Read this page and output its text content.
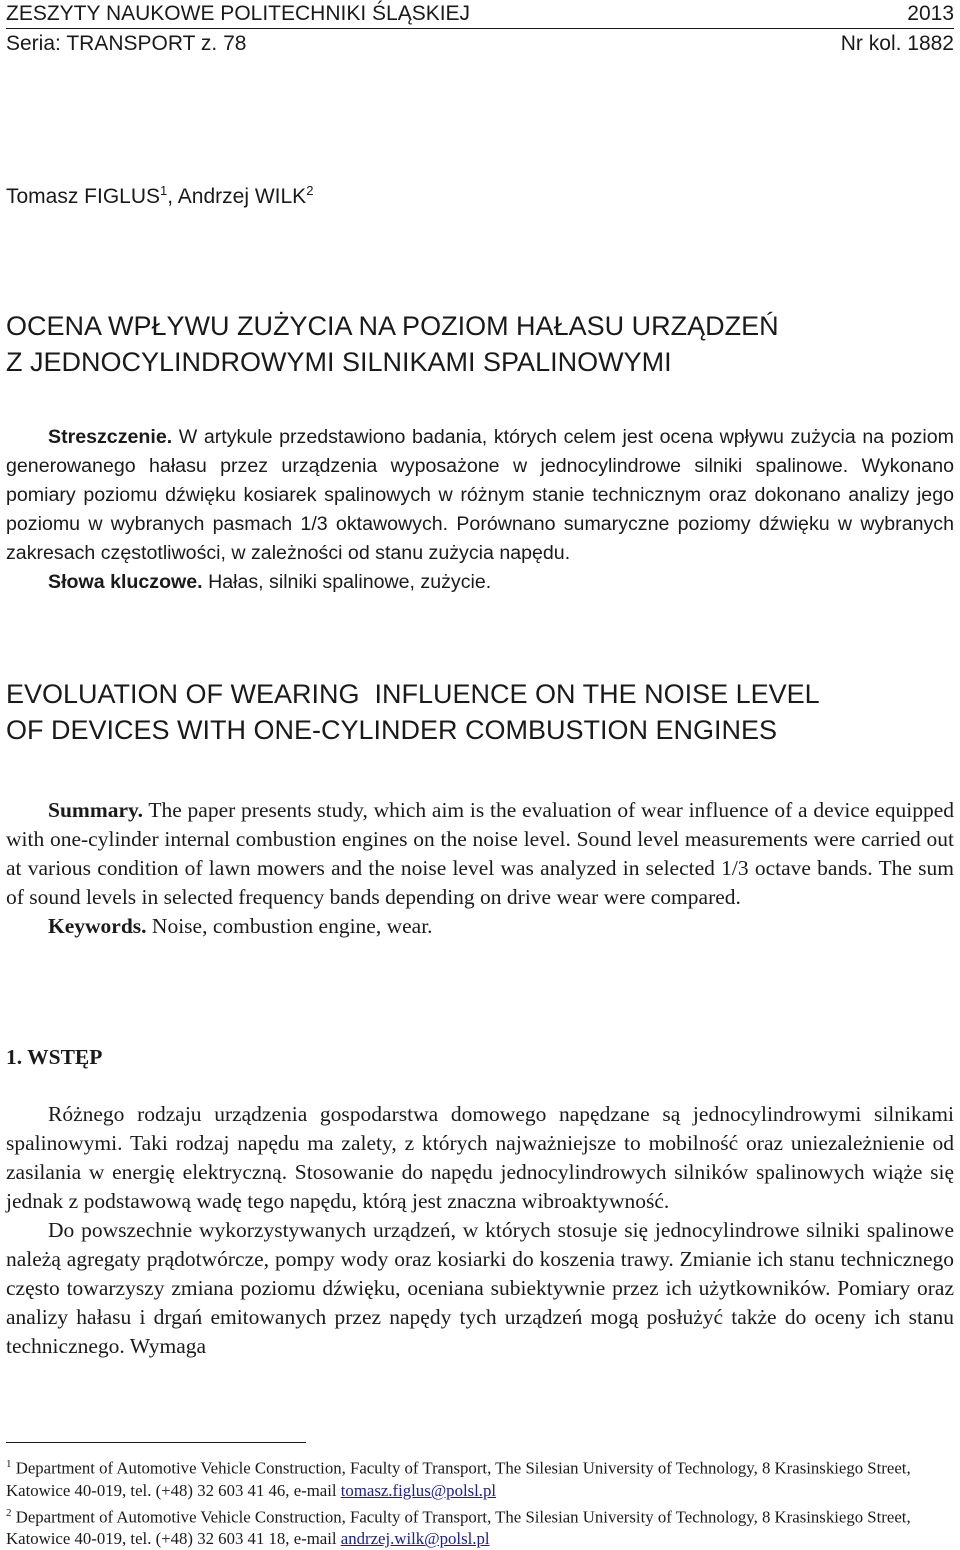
ZESZYTY NAUKOWE POLITECHNIKI ŚLĄSKIEJ	2013
Seria: TRANSPORT z. 78	Nr kol. 1882
Tomasz FIGLUS$^1$, Andrzej WILK$^2$
OCENA WPŁYWU ZUŻYCIA NA POZIOM HAŁASU URZĄDZEŃ
Z JEDNOCYLINDROWYMI SILNIKAMI SPALINOWYMI
Streszczenie. W artykule przedstawiono badania, których celem jest ocena wpływu zużycia na poziom generowanego hałasu przez urządzenia wyposażone w jednocylindrowe silniki spalinowe. Wykonano pomiary poziomu dźwięku kosiarek spalinowych w różnym stanie technicznym oraz dokonano analizy jego poziomu w wybranych pasmach 1/3 oktawowych. Porównano sumaryczne poziomy dźwięku w wybranych zakresach częstotliwości, w zależności od stanu zużycia napędu.
Słowa kluczowe. Hałas, silniki spalinowe, zużycie.
EVOLUATION OF WEARING  INFLUENCE ON THE NOISE LEVEL
OF DEVICES WITH ONE-CYLINDER COMBUSTION ENGINES

Summary. The paper presents study, which aim is the evaluation of wear influence of a device equipped with one-cylinder internal combustion engines on the noise level. Sound level measurements were carried out at various condition of lawn mowers and the noise level was analyzed in selected 1/3 octave bands. The sum of sound levels in selected frequency bands depending on drive wear were compared.

Keywords. Noise, combustion engine, wear.

1. WSTĘP

Różnego rodzaju urządzenia gospodarstwa domowego napędzane są jednocylindrowymi silnikami spalinowymi. Taki rodzaj napędu ma zalety, z których najważniejsze to mobilność oraz uniezależnienie od zasilania w energię elektryczną. Stosowanie do napędu jednocylindrowych silników spalinowych wiąże się jednak z podstawową wadę tego napędu, którą jest znaczna wibroaktywność.

Do powszechnie wykorzystywanych urządzeń, w których stosuje się jednocylindrowe silniki spalinowe należą agregaty prądotwórcze, pompy wody oraz kosiarki do koszenia trawy. Zmianie ich stanu technicznego często towarzyszy zmiana poziomu dźwięku, oceniana subiektywnie przez ich użytkowników. Pomiary oraz analizy hałasu i drgań emitowanych przez napędy tych urządzeń mogą posłużyć także do oceny ich stanu technicznego. Wymaga

$^1$ Department of Automotive Vehicle Construction, Faculty of Transport, The Silesian University of Technology, 8 Krasinskiego Street, Katowice 40-019, tel. (+48) 32 603 41 46, e-mail tomasz.figlus@polsl.pl

$^2$ Department of Automotive Vehicle Construction, Faculty of Transport, The Silesian University of Technology, 8 Krasinskiego Street, Katowice 40-019, tel. (+48) 32 603 41 18, e-mail andrzej.wilk@polsl.pl
